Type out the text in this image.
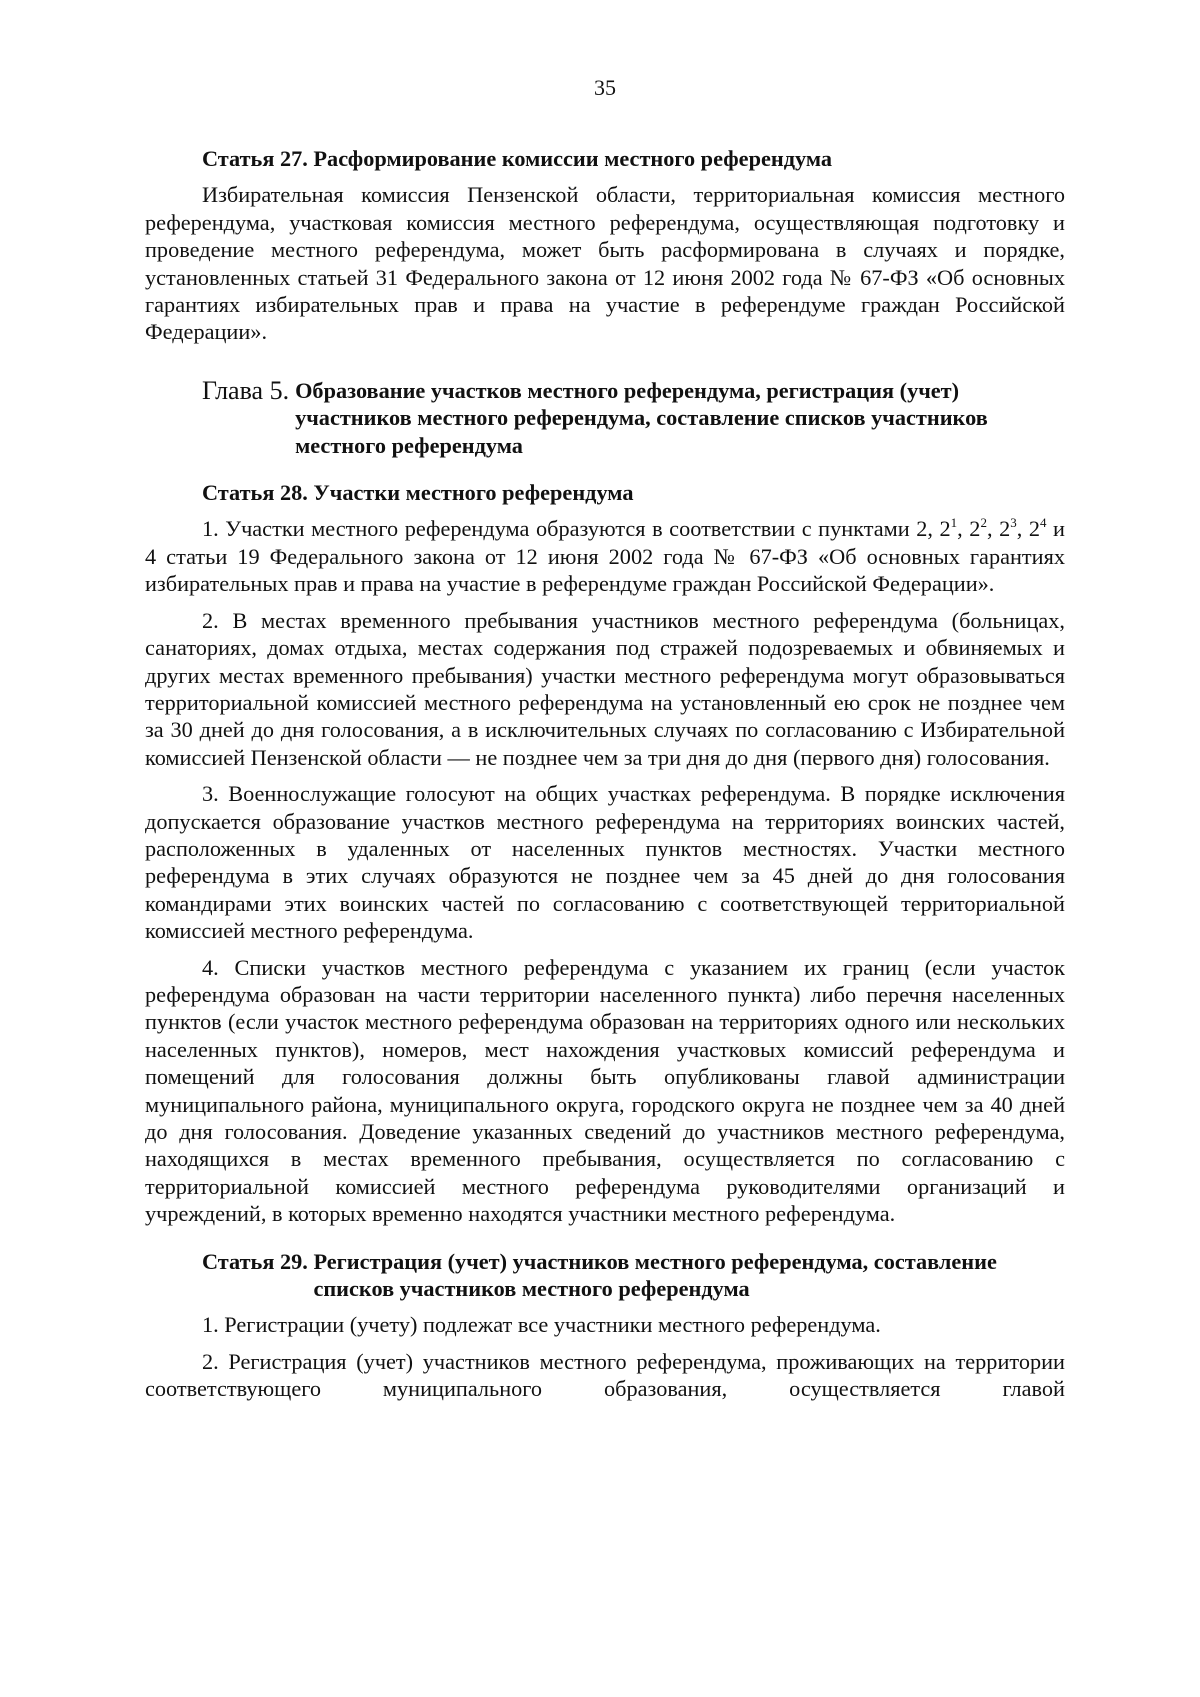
35
Статья 27. Расформирование комиссии местного референдума

Избирательная комиссия Пензенской области, территориальная комиссия местного референдума, участковая комиссия местного референдума, осуществляющая подготовку и проведение местного референдума, может быть расформирована в случаях и порядке, установленных статьей 31 Федерального закона от 12 июня 2002 года № 67-ФЗ «Об основных гарантиях избирательных прав и права на участие в референдуме граждан Российской Федерации».

Глава 5. Образование участков местного референдума, регистрация (учет) участников местного референдума, составление списков участников местного референдума
Статья 28. Участки местного референдума

1. Участки местного референдума образуются в соответствии с пунктами 2, $2^1$, $2^2$, $2^3$, $2^4$ и 4 статьи 19 Федерального закона от 12 июня 2002 года № 67-ФЗ «Об основных гарантиях избирательных прав и права на участие в референдуме граждан Российской Федерации».

2. В местах временного пребывания участников местного референдума (больницах, санаториях, домах отдыха, местах содержания под стражей подозреваемых и обвиняемых и других местах временного пребывания) участки местного референдума могут образовываться территориальной комиссией местного референдума на установленный ею срок не позднее чем за 30 дней до дня голосования, а в исключительных случаях по согласованию с Избирательной комиссией Пензенской области — не позднее чем за три дня до дня (первого дня) голосования.

3. Военнослужащие голосуют на общих участках референдума. В порядке исключения допускается образование участков местного референдума на территориях воинских частей, расположенных в удаленных от населенных пунктов местностях. Участки местного референдума в этих случаях образуются не позднее чем за 45 дней до дня голосования командирами этих воинских частей по согласованию с соответствующей территориальной комиссией местного референдума.

4. Списки участков местного референдума с указанием их границ (если участок референдума образован на части территории населенного пункта) либо перечня населенных пунктов (если участок местного референдума образован на территориях одного или нескольких населенных пунктов), номеров, мест нахождения участковых комиссий референдума и помещений для голосования должны быть опубликованы главой администрации муниципального района, муниципального округа, городского округа не позднее чем за 40 дней до дня голосования. Доведение указанных сведений до участников местного референдума, находящихся в местах временного пребывания, осуществляется по согласованию с территориальной комиссией местного референдума руководителями организаций и учреждений, в которых временно находятся участники местного референдума.

Статья 29. Регистрация (учет) участников местного референдума, составление списков участников местного референдума

1. Регистрации (учету) подлежат все участники местного референдума.

2. Регистрация (учет) участников местного референдума, проживающих на территории соответствующего муниципального образования, осуществляется главой
